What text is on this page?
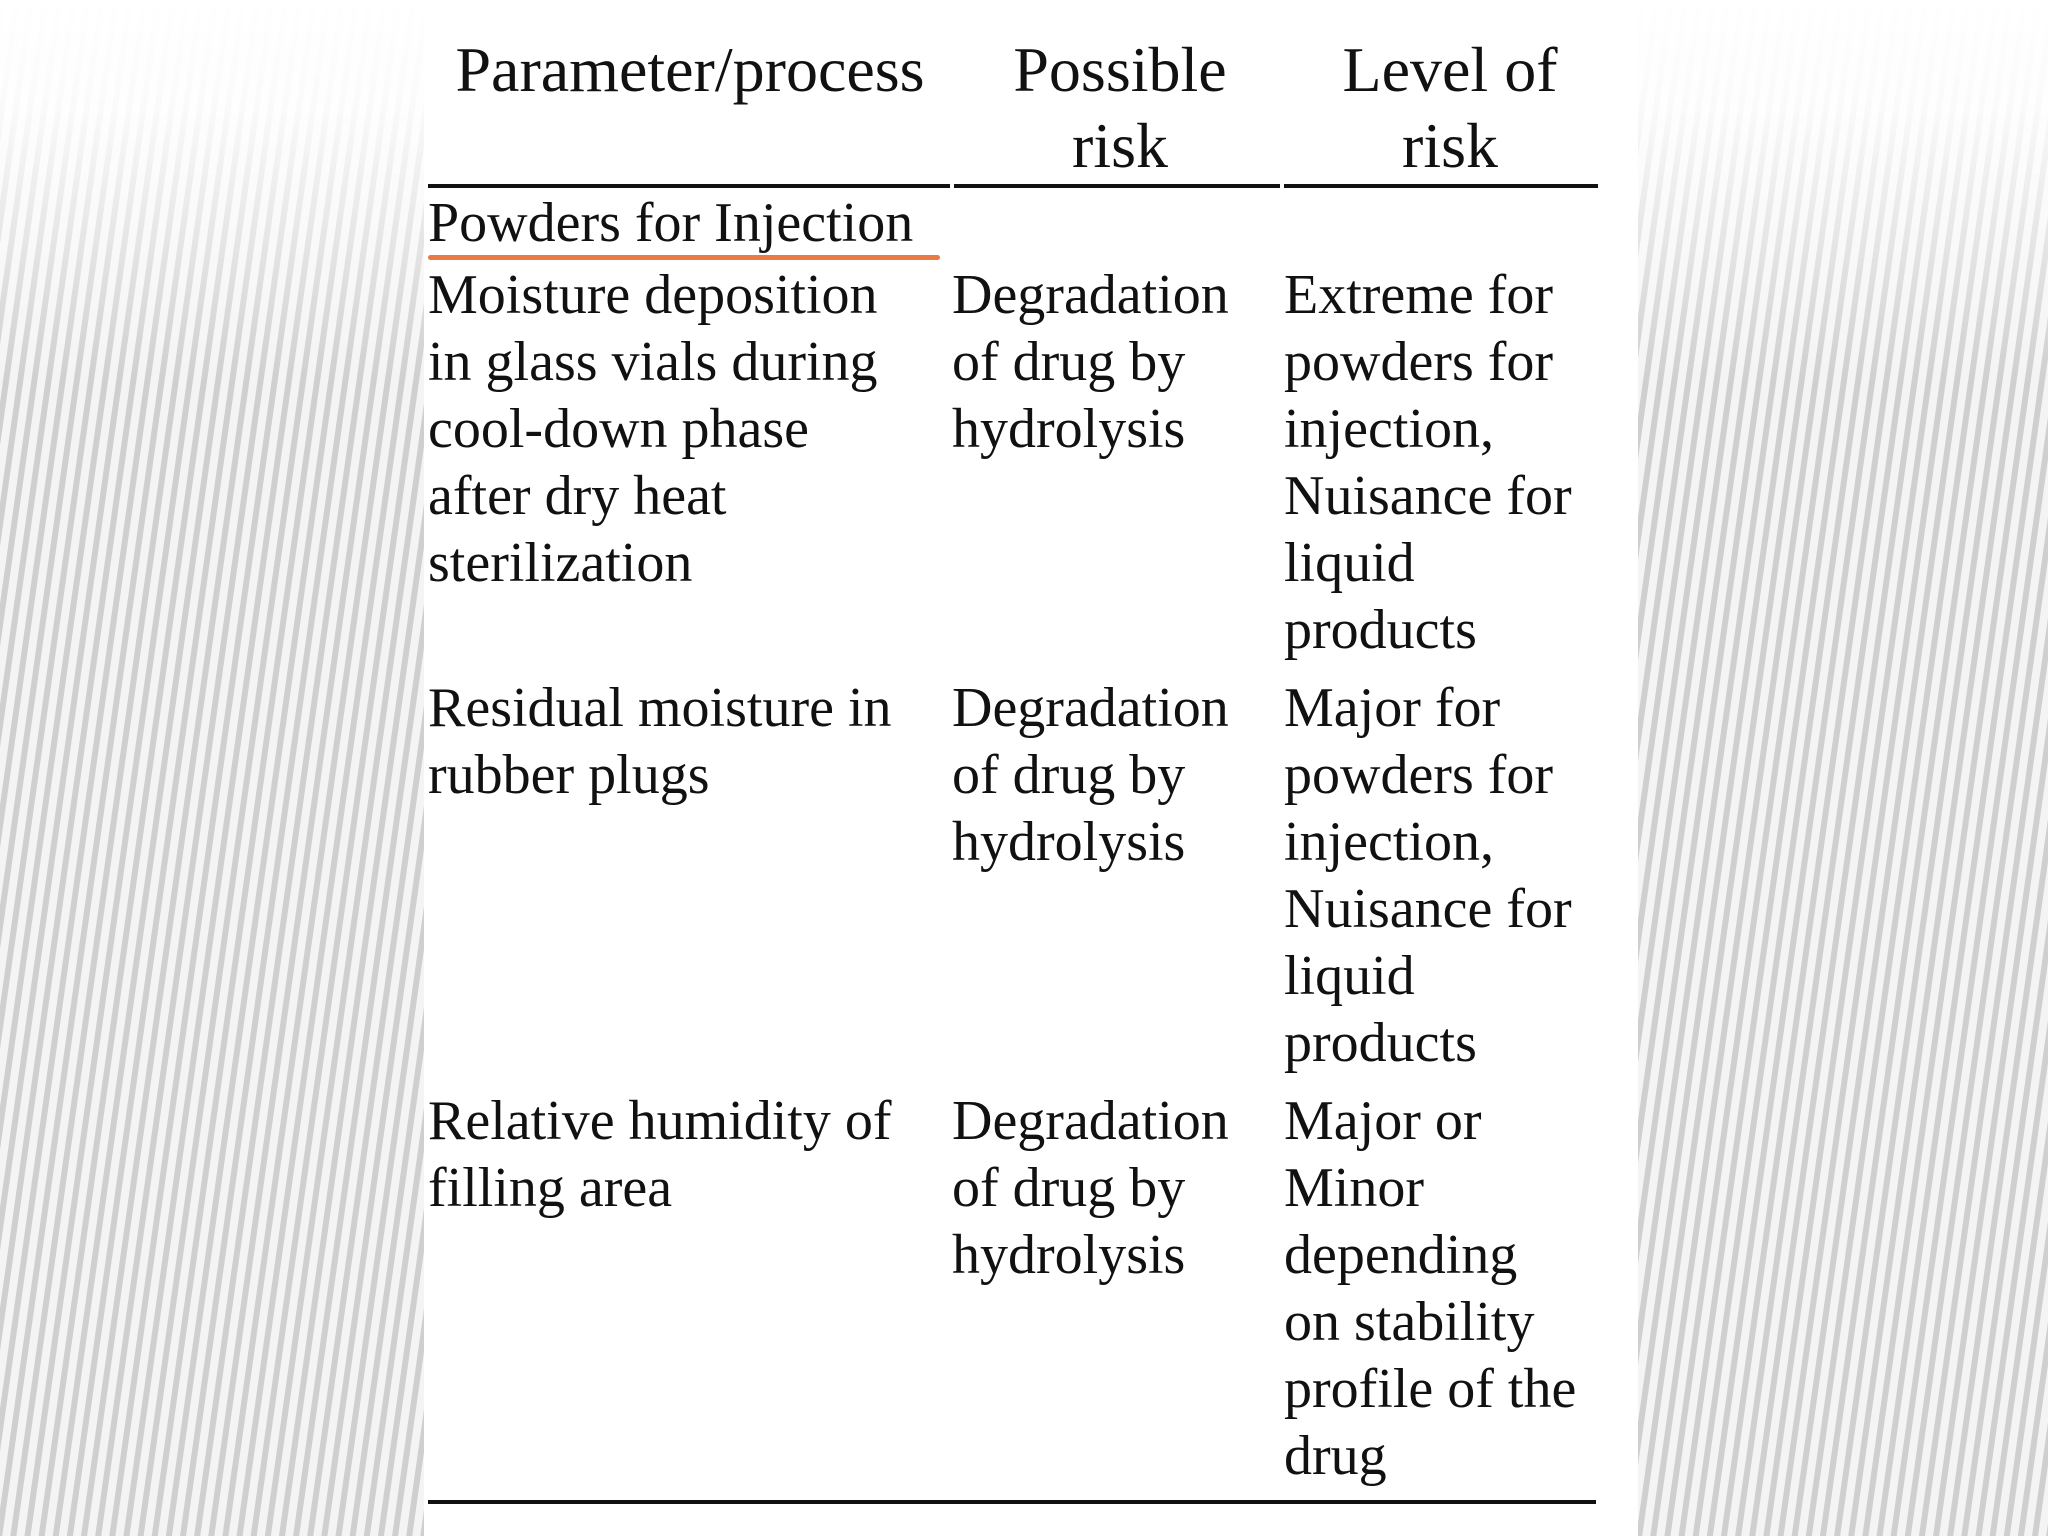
Parameter/process	Possible
risk
Level of
risk
Powders for Injection
Moisture deposition
in glass vials during
cool-down phase
after dry heat
sterilization
Degradation
of drug by
hydrolysis
Extreme for
powders for
injection,
Nuisance for
liquid
products
Residual moisture in
rubber plugs
Degradation
of drug by
hydrolysis
Major for
powders for
injection,
Nuisance for
liquid
products
Relative humidity of
filling area
Degradation
of drug by
hydrolysis
Major or
Minor
depending
on stability
profile of the
drug
